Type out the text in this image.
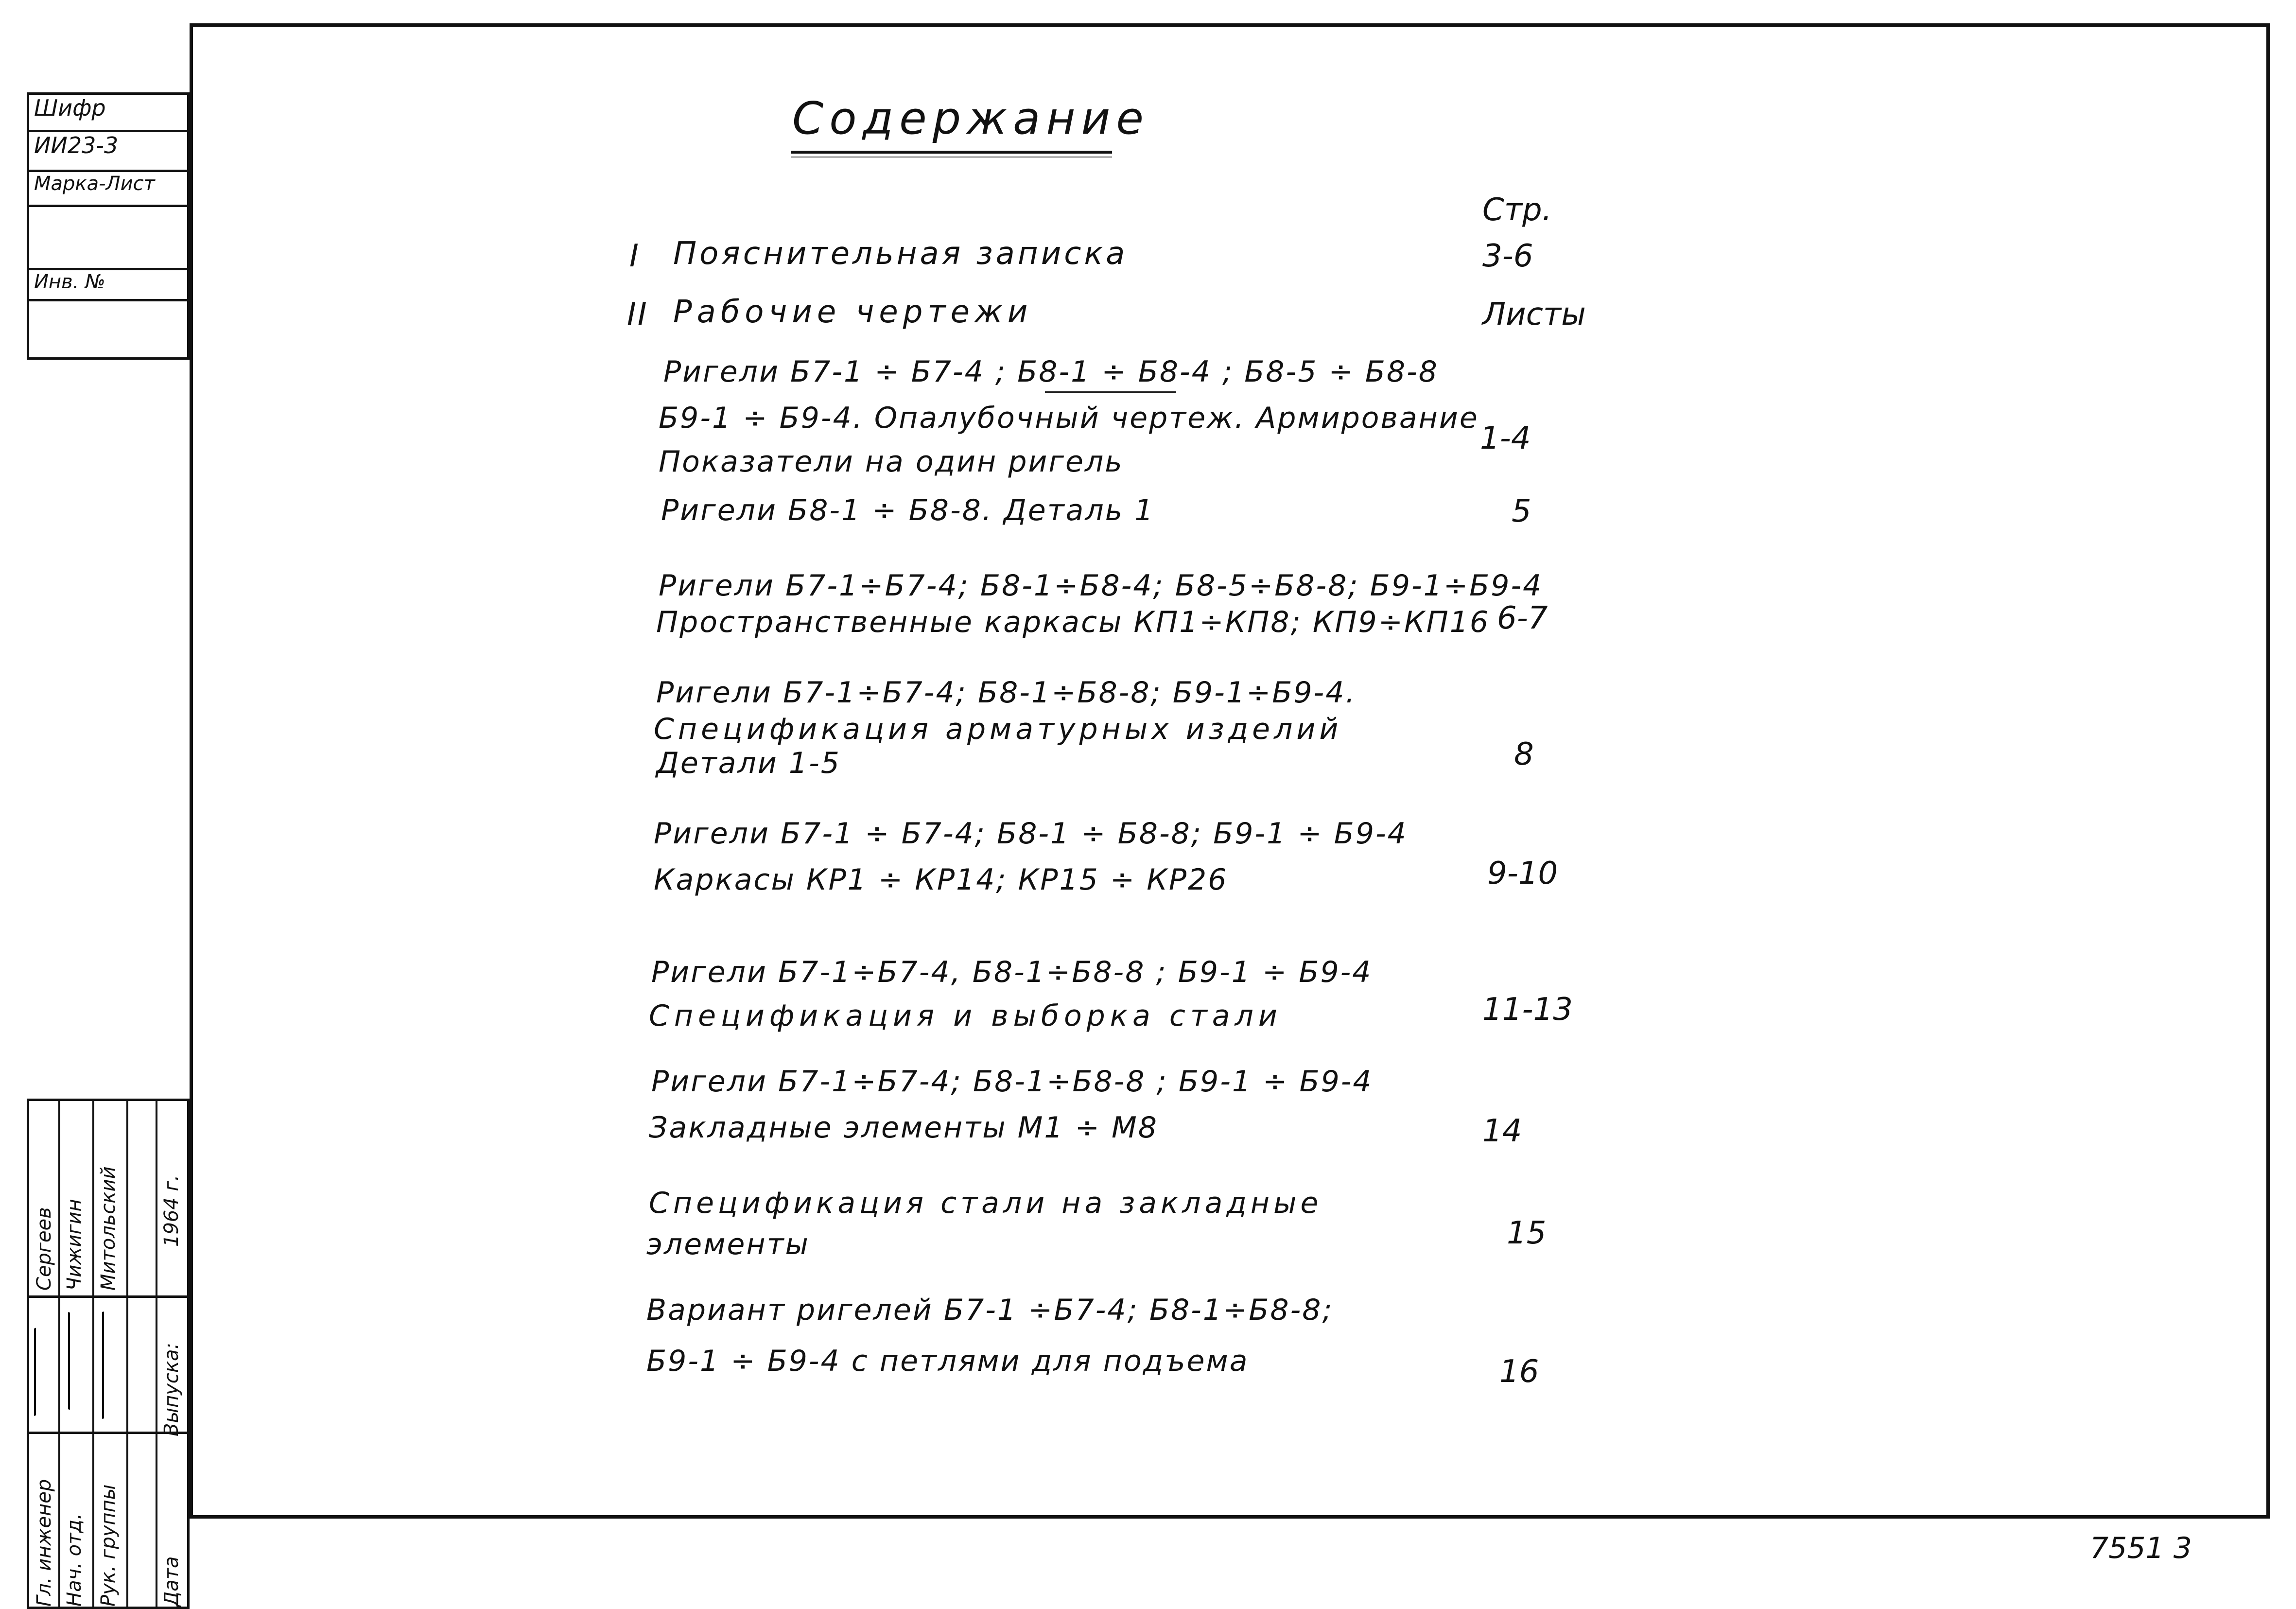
Шифр
ИИ23-3
Марка-Лист
Инв. №
Гл. инженер Нач. отд. Рук. группы Дата
Выпуска:
Сергеев Чижигин Митольский 1964 г.
Содержание
Стр.
I Пояснительная записка	3-6
II Рабочие чертежи	Листы
Ригели Б7-1 ÷ Б7-4 ; Б8-1 ÷ Б8-4 ; Б8-5 ÷ Б8-8
Б9-1 ÷ Б9-4. Опалубочный чертеж. Армирование
Показатели на один ригель
1-4
Ригели Б8-1 ÷ Б8-8. Деталь 1	5
Ригели Б7-1÷Б7-4; Б8-1÷Б8-4; Б8-5÷Б8-8; Б9-1÷Б9-4
Пространственные каркасы КП1÷КП8; КП9÷КП16 6-7
Ригели Б7-1÷Б7-4; Б8-1÷Б8-8; Б9-1÷Б9-4.
Спецификация арматурных изделий
Детали 1-5	8
Ригели Б7-1 ÷ Б7-4; Б8-1 ÷ Б8-8; Б9-1 ÷ Б9-4
Каркасы КР1 ÷ КР14; КР15 ÷ КР26	9-10
Ригели Б7-1÷Б7-4, Б8-1÷Б8-8 ; Б9-1 ÷ Б9-4
Спецификация и выборка стали	11-13
Ригели Б7-1÷Б7-4; Б8-1÷Б8-8 ; Б9-1 ÷ Б9-4
Закладные элементы М1 ÷ М8	14
Спецификация стали на закладные
элементы	15
Вариант ригелей Б7-1 ÷Б7-4; Б8-1÷Б8-8;
Б9-1 ÷ Б9-4 с петлями для подъема	16
7551 3
